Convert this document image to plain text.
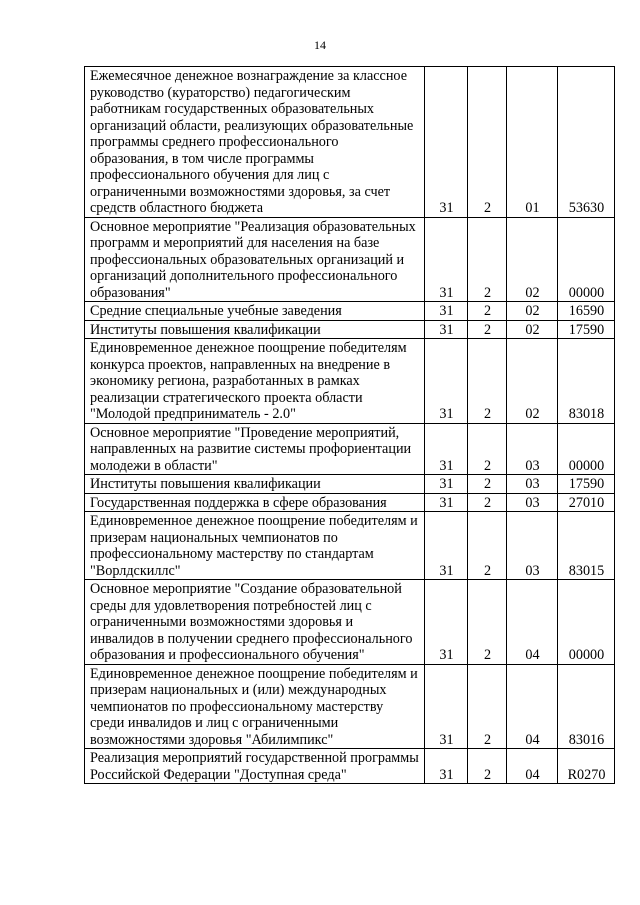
14
Ежемесячное денежное вознаграждение за классное руководство (кураторство) педагогическим работникам государственных образовательных организаций области, реализующих образовательные программы среднего профессионального образования, в том числе программы профессионального обучения для лиц с ограниченными возможностями здоровья, за счет средств областного бюджета	31	2	01	53630

Основное мероприятие "Реализация образовательных программ и мероприятий для населения на базе профессиональных образовательных организаций и организаций дополнительного профессионального образования"	31	2	02	00000

Средние специальные учебные заведения	31	2	02	16590

Институты повышения квалификации	31	2	02	17590

Единовременное денежное поощрение победителям конкурса проектов, направленных на внедрение в экономику региона, разработанных в рамках реализации стратегического проекта области "Молодой предприниматель - 2.0"	31	2	02	83018

Основное мероприятие "Проведение мероприятий, направленных на развитие системы профориентации молодежи в области"	31	2	03	00000

Институты повышения квалификации	31	2	03	17590

Государственная поддержка в сфере образования	31	2	03	27010

Единовременное денежное поощрение победителям и призерам национальных чемпионатов по профессиональному мастерству по стандартам "Ворлдскиллс"	31	2	03	83015

Основное мероприятие "Создание образовательной среды для удовлетворения потребностей лиц с ограниченными возможностями здоровья и инвалидов в получении среднего профессионального образования и профессионального обучения"	31	2	04	00000

Единовременное денежное поощрение победителям и призерам национальных и (или) международных чемпионатов по профессиональному мастерству среди инвалидов и лиц с ограниченными возможностями здоровья "Абилимпикс"	31	2	04	83016

Реализация мероприятий государственной программы Российской Федерации "Доступная среда"	31	2	04	R0270
